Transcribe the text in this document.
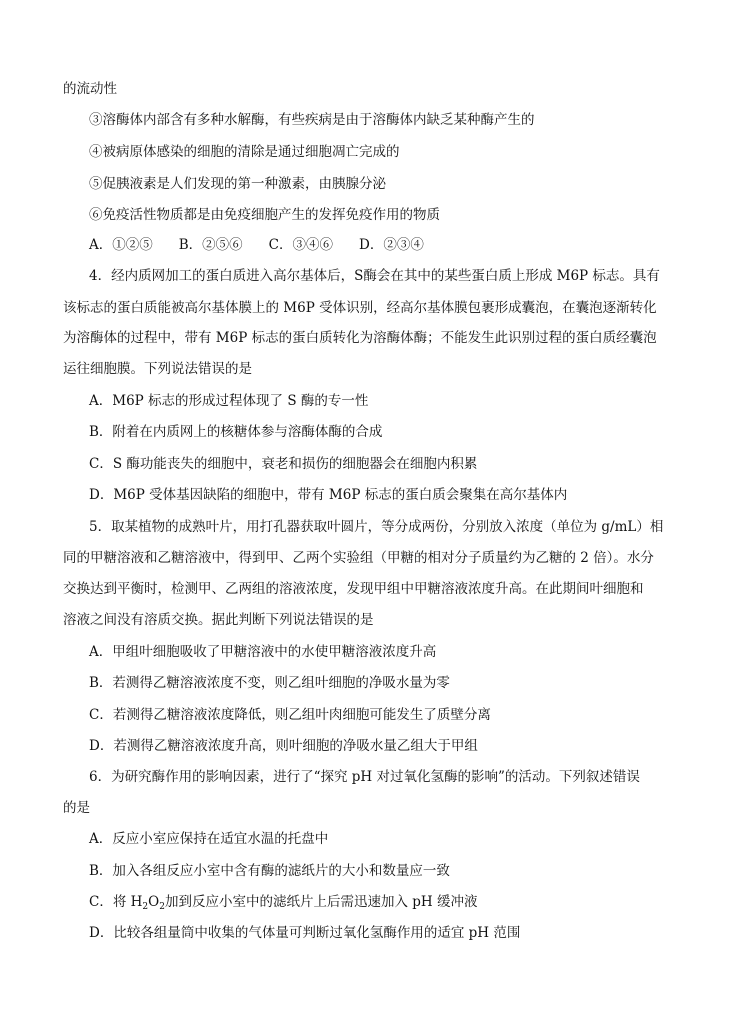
的流动性
③溶酶体内部含有多种水解酶，有些疾病是由于溶酶体内缺乏某种酶产生的
④被病原体感染的细胞的清除是通过细胞凋亡完成的
⑤促胰液素是人们发现的第一种激素，由胰腺分泌
⑥免疫活性物质都是由免疫细胞产生的发挥免疫作用的物质
A．①②⑤ B．②⑤⑥ C．③④⑥ D．②③④
4．经内质网加工的蛋白质进入高尔基体后，S酶会在其中的某些蛋白质上形成 M6P 标志。具有
该标志的蛋白质能被高尔基体膜上的 M6P 受体识别，经高尔基体膜包裹形成囊泡，在囊泡逐渐转化
为溶酶体的过程中，带有 M6P 标志的蛋白质转化为溶酶体酶；不能发生此识别过程的蛋白质经囊泡
运往细胞膜。下列说法错误的是
A．M6P 标志的形成过程体现了 S 酶的专一性
B．附着在内质网上的核糖体参与溶酶体酶的合成
C．S 酶功能丧失的细胞中，衰老和损伤的细胞器会在细胞内积累
D．M6P 受体基因缺陷的细胞中，带有 M6P 标志的蛋白质会聚集在高尔基体内
5．取某植物的成熟叶片，用打孔器获取叶圆片，等分成两份，分别放入浓度（单位为 g/mL）相
同的甲糖溶液和乙糖溶液中，得到甲、乙两个实验组（甲糖的相对分子质量约为乙糖的 2 倍）。水分
交换达到平衡时，检测甲、乙两组的溶液浓度，发现甲组中甲糖溶液浓度升高。在此期间叶细胞和
溶液之间没有溶质交换。据此判断下列说法错误的是
A．甲组叶细胞吸收了甲糖溶液中的水使甲糖溶液浓度升高
B．若测得乙糖溶液浓度不变，则乙组叶细胞的净吸水量为零
C．若测得乙糖溶液浓度降低，则乙组叶肉细胞可能发生了质壁分离
D．若测得乙糖溶液浓度升高，则叶细胞的净吸水量乙组大于甲组
6．为研究酶作用的影响因素，进行了“探究 pH 对过氧化氢酶的影响”的活动。下列叙述错误
的是
A．反应小室应保持在适宜水温的托盘中
B．加入各组反应小室中含有酶的滤纸片的大小和数量应一致
C．将 $H_2O_2$加到反应小室中的滤纸片上后需迅速加入 pH 缓冲液
D．比较各组量筒中收集的气体量可判断过氧化氢酶作用的适宜 pH 范围
